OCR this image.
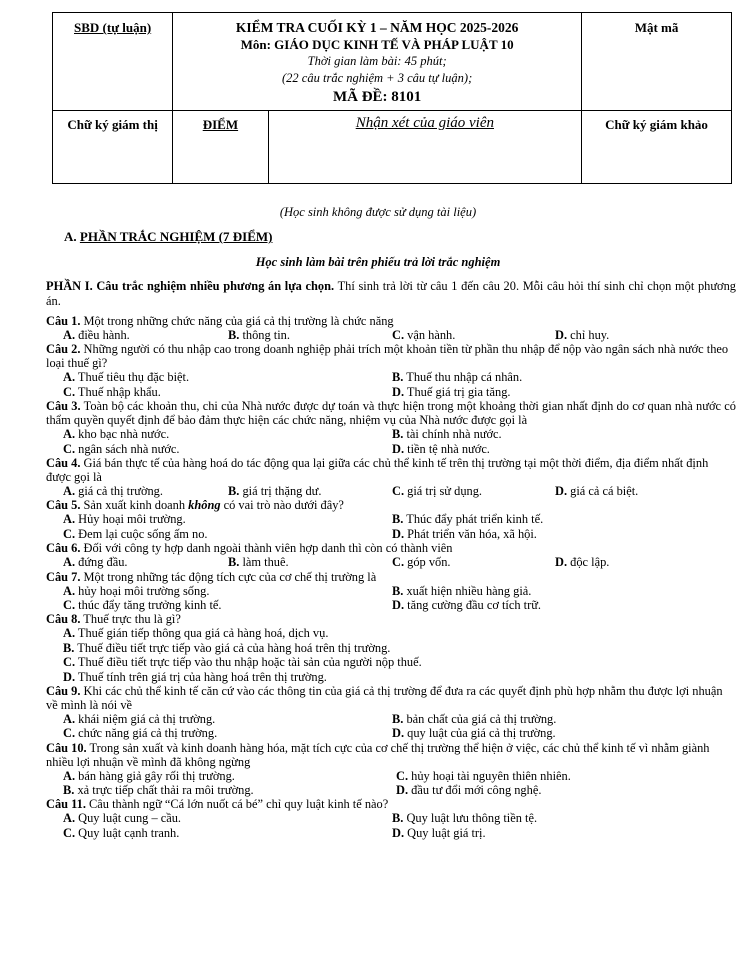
SBD (tự luận)	KIỂM TRA CUỐI KỲ 1 – NĂM HỌC 2025-2026
Môn: GIÁO DỤC KINH TẾ VÀ PHÁP LUẬT 10
Thời gian làm bài: 45 phút;
(22 câu trắc nghiệm + 3 câu tự luận);
MÃ ĐỀ: 8101		Mật mã

Chữ ký giám thị	ĐIỂM	Nhận xét của giáo viên	Chữ ký giám khảo
(Học sinh không được sử dụng tài liệu)
A. PHẦN TRẮC NGHIỆM (7 ĐIỂM)
Học sinh làm bài trên phiếu trả lời trắc nghiệm
PHẦN I. Câu trắc nghiệm nhiều phương án lựa chọn. Thí sinh trả lời từ câu 1 đến câu 20. Mỗi câu hỏi thí sinh chỉ chọn một phương án.
Câu 1. Một trong những chức năng của giá cả thị trường là chức năng
A. điều hành.	B. thông tin.	C. vận hành.	D. chỉ huy.
Câu 2. Những người có thu nhập cao trong doanh nghiệp phải trích một khoản tiền từ phần thu nhập để nộp vào ngân sách nhà nước theo loại thuế gì?
A. Thuế tiêu thụ đặc biệt.	B. Thuế thu nhập cá nhân.
C. Thuế nhập khẩu.	D. Thuế giá trị gia tăng.
Câu 3. Toàn bộ các khoản thu, chi của Nhà nước được dự toán và thực hiện trong một khoảng thời gian nhất định do cơ quan nhà nước có thẩm quyền quyết định để bảo đảm thực hiện các chức năng, nhiệm vụ của Nhà nước được gọi là
A. kho bạc nhà nước.	B. tài chính nhà nước.
C. ngân sách nhà nước.	D. tiền tệ nhà nước.
Câu 4. Giá bán thực tế của hàng hoá do tác động qua lại giữa các chủ thể kinh tế trên thị trường tại một thời điểm, địa điểm nhất định được gọi là
A. giá cả thị trường.	B. giá trị thặng dư.	C. giá trị sử dụng.	D. giá cả cá biệt.
Câu 5. Sản xuất kinh doanh không có vai trò nào dưới đây?
A. Hủy hoại môi trường.	B. Thúc đẩy phát triển kinh tế.
C. Đem lại cuộc sống ấm no.	D. Phát triển văn hóa, xã hội.
Câu 6. Đối với công ty hợp danh ngoài thành viên hợp danh thì còn có thành viên
A. đứng đầu.	B. làm thuê.	C. góp vốn.	D. độc lập.
Câu 7. Một trong những tác động tích cực của cơ chế thị trường là
A. hủy hoại môi trường sống.	B. xuất hiện nhiều hàng giả.
C. thúc đẩy tăng trưởng kinh tế.	D. tăng cường đầu cơ tích trữ.
Câu 8. Thuế trực thu là gì?
A. Thuế gián tiếp thông qua giá cả hàng hoá, dịch vụ.
B. Thuế điều tiết trực tiếp vào giá cả của hàng hoá trên thị trường.
C. Thuế điều tiết trực tiếp vào thu nhập hoặc tài sản của người nộp thuế.
D. Thuế tính trên giá trị của hàng hoá trên thị trường.
Câu 9. Khi các chủ thể kinh tế căn cứ vào các thông tin của giá cả thị trường để đưa ra các quyết định phù hợp nhằm thu được lợi nhuận về mình là nói về
A. khái niệm giá cả thị trường.	B. bản chất của giá cả thị trường.
C. chức năng giá cả thị trường.	D. quy luật của giá cả thị trường.
Câu 10. Trong sản xuất và kinh doanh hàng hóa, mặt tích cực của cơ chế thị trường thể hiện ở việc, các chủ thể kinh tế vì nhằm giành nhiều lợi nhuận về mình đã không ngừng
A. bán hàng giả gây rối thị trường.	C. hủy hoại tài nguyên thiên nhiên.
B. xả trực tiếp chất thải ra môi trường.	D. đầu tư đổi mới công nghệ.
Câu 11. Câu thành ngữ “Cá lớn nuốt cá bé” chỉ quy luật kinh tế nào?
A. Quy luật cung – cầu.	B. Quy luật lưu thông tiền tệ.
C. Quy luật cạnh tranh.	D. Quy luật giá trị.
